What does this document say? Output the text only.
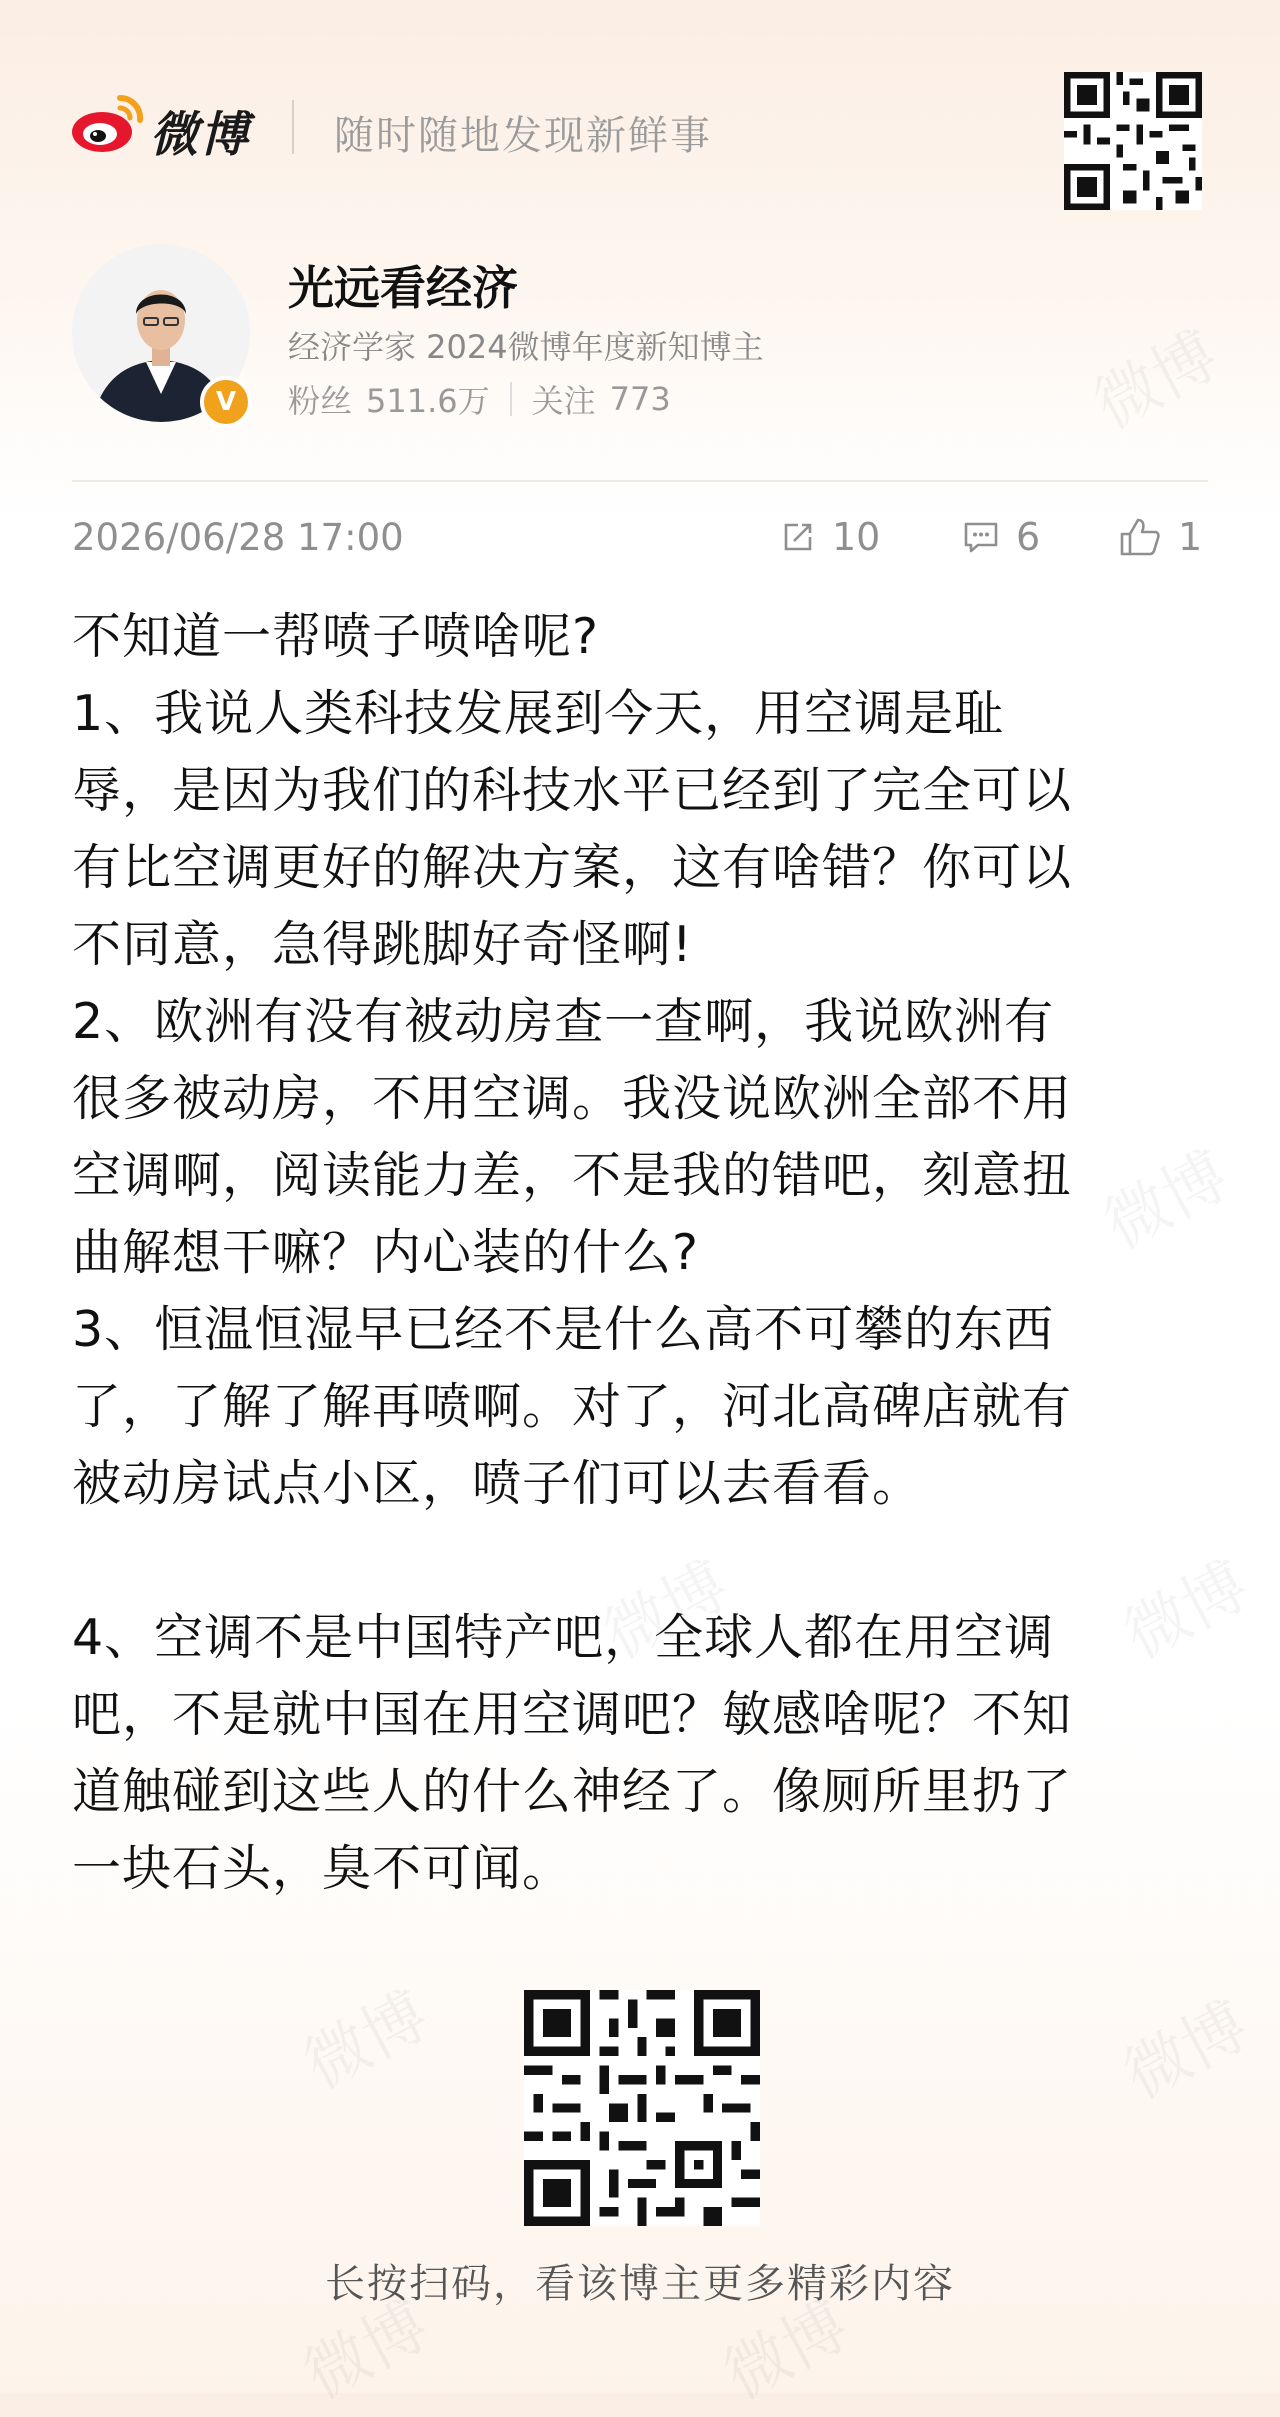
微博 随时随地发现新鲜事
V
光远看经济
经济学家 2024微博年度新知博主
粉丝 511.6万 关注 773
2026/06/28 17:00	10	6	1

不知道一帮喷子喷啥呢?

1、我说人类科技发展到今天，用空调是耻

辱，是因为我们的科技水平已经到了完全可以

有比空调更好的解决方案，这有啥错？你可以

不同意，急得跳脚好奇怪啊!

2、欧洲有没有被动房查一查啊，我说欧洲有

很多被动房，不用空调。我没说欧洲全部不用

空调啊，阅读能力差，不是我的错吧，刻意扭

曲解想干嘛？内心装的什么?

3、恒温恒湿早已经不是什么高不可攀的东西

了，了解了解再喷啊。对了，河北高碑店就有

被动房试点小区，喷子们可以去看看。

4、空调不是中国特产吧，全球人都在用空调

吧，不是就中国在用空调吧？敏感啥呢？不知

道触碰到这些人的什么神经了。像厕所里扔了

一块石头，臭不可闻。

长按扫码，看该博主更多精彩内容
